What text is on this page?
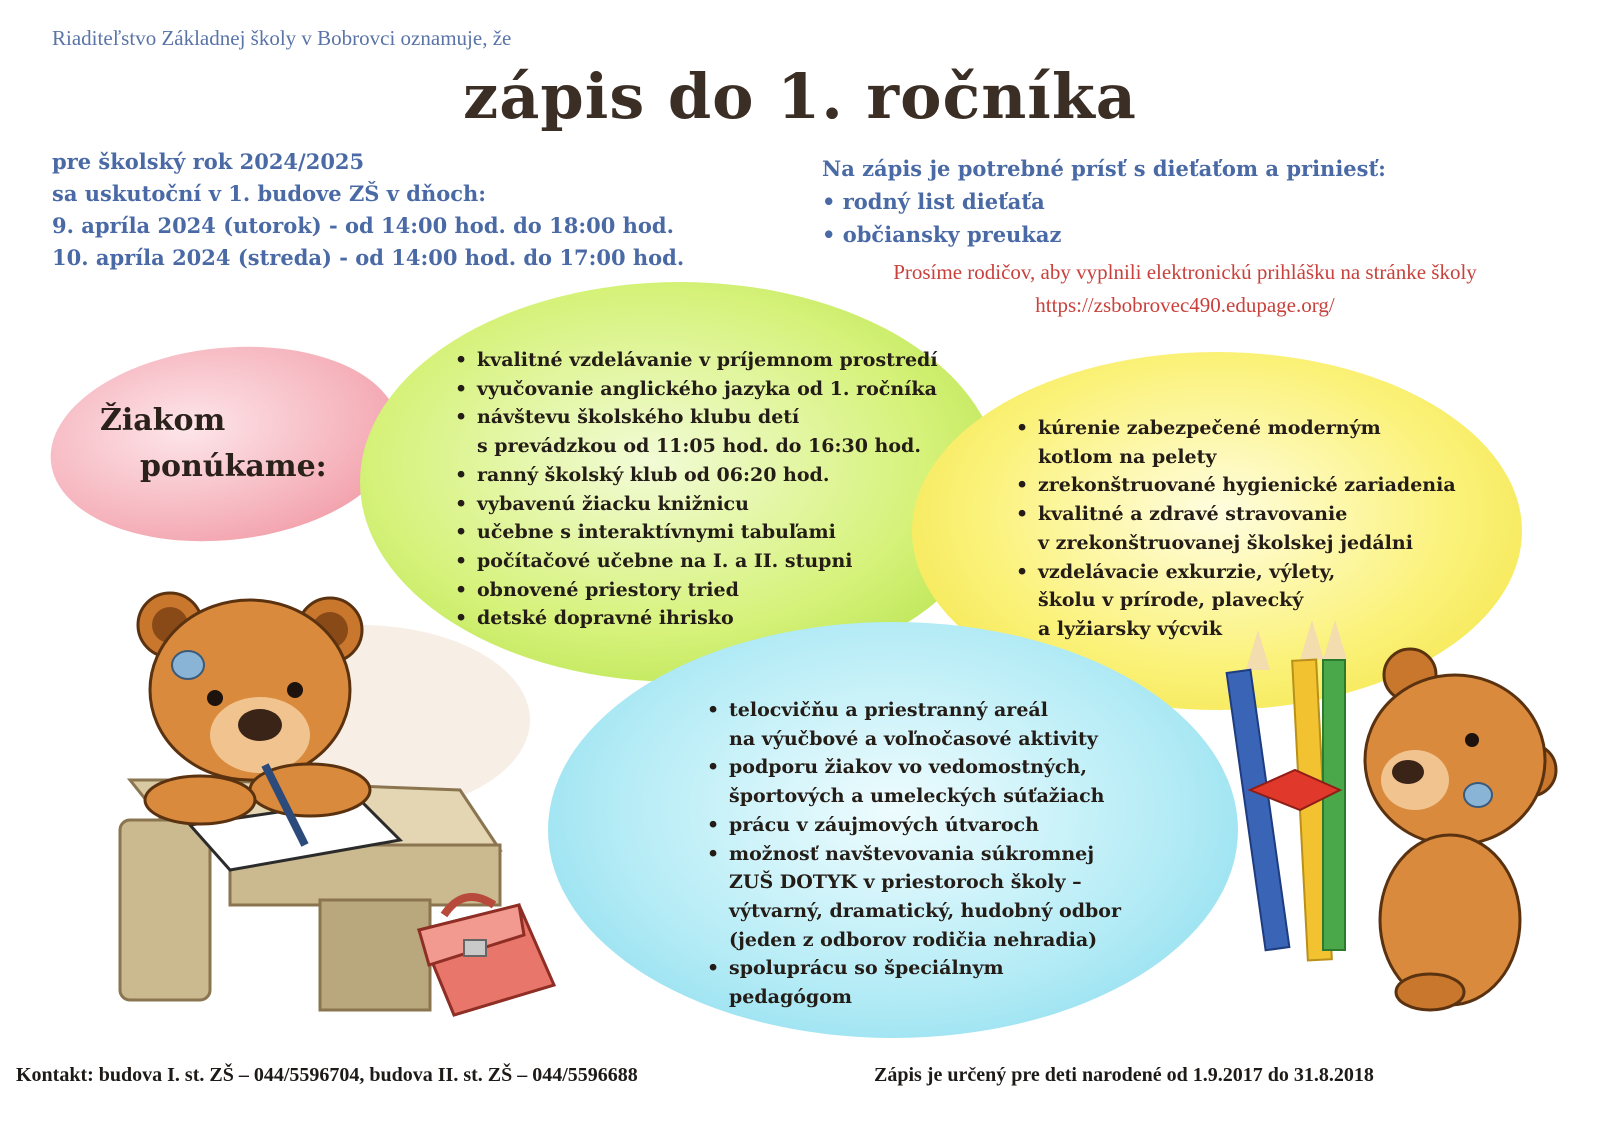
Riaditeľstvo Základnej školy v Bobrovci oznamuje, že
zápis do 1. ročníka
pre školský rok 2024/2025
sa uskutoční v 1. budove ZŠ v dňoch:
9. apríla 2024 (utorok) - od 14:00 hod. do 18:00 hod.
10. apríla 2024 (streda) - od 14:00 hod. do 17:00 hod.
Na zápis je potrebné prísť s dieťaťom a priniesť:
• rodný list dieťaťa
• občiansky preukaz
Prosíme rodičov, aby vyplnili elektronickú prihlášku na stránke školy
https://zsbobrovec490.edupage.org/
Žiakom
ponúkame:
• kvalitné vzdelávanie v príjemnom prostredí
• vyučovanie anglického jazyka od 1. ročníka
• návštevu školského klubu detí
s prevádzkou od 11:05 hod. do 16:30 hod.
• ranný školský klub od 06:20 hod.
• vybavenú žiacku knižnicu
• učebne s interaktívnymi tabuľami
• počítačové učebne na I. a II. stupni
• obnovené priestory tried
• detské dopravné ihrisko
• kúrenie zabezpečené moderným
kotlom na pelety
• zrekonštruované hygienické zariadenia
• kvalitné a zdravé stravovanie
v zrekonštruovanej školskej jedálni
• vzdelávacie exkurzie, výlety,
školu v prírode, plavecký
a lyžiarsky výcvik
• telocvičňu a priestranný areál
na výučbové a voľnočasové aktivity
• podporu žiakov vo vedomostných,
športových a umeleckých súťažiach
• prácu v záujmových útvaroch
• možnosť navštevovania súkromnej
ZUŠ DOTYK v priestoroch školy –
výtvarný, dramatický, hudobný odbor
(jeden z odborov rodičia nehradia)
• spoluprácu so špeciálnym
pedagógom
Kontakt: budova I. st. ZŠ – 044/5596704, budova II. st. ZŠ – 044/5596688	Zápis je určený pre deti narodené od 1.9.2017 do 31.8.2018
